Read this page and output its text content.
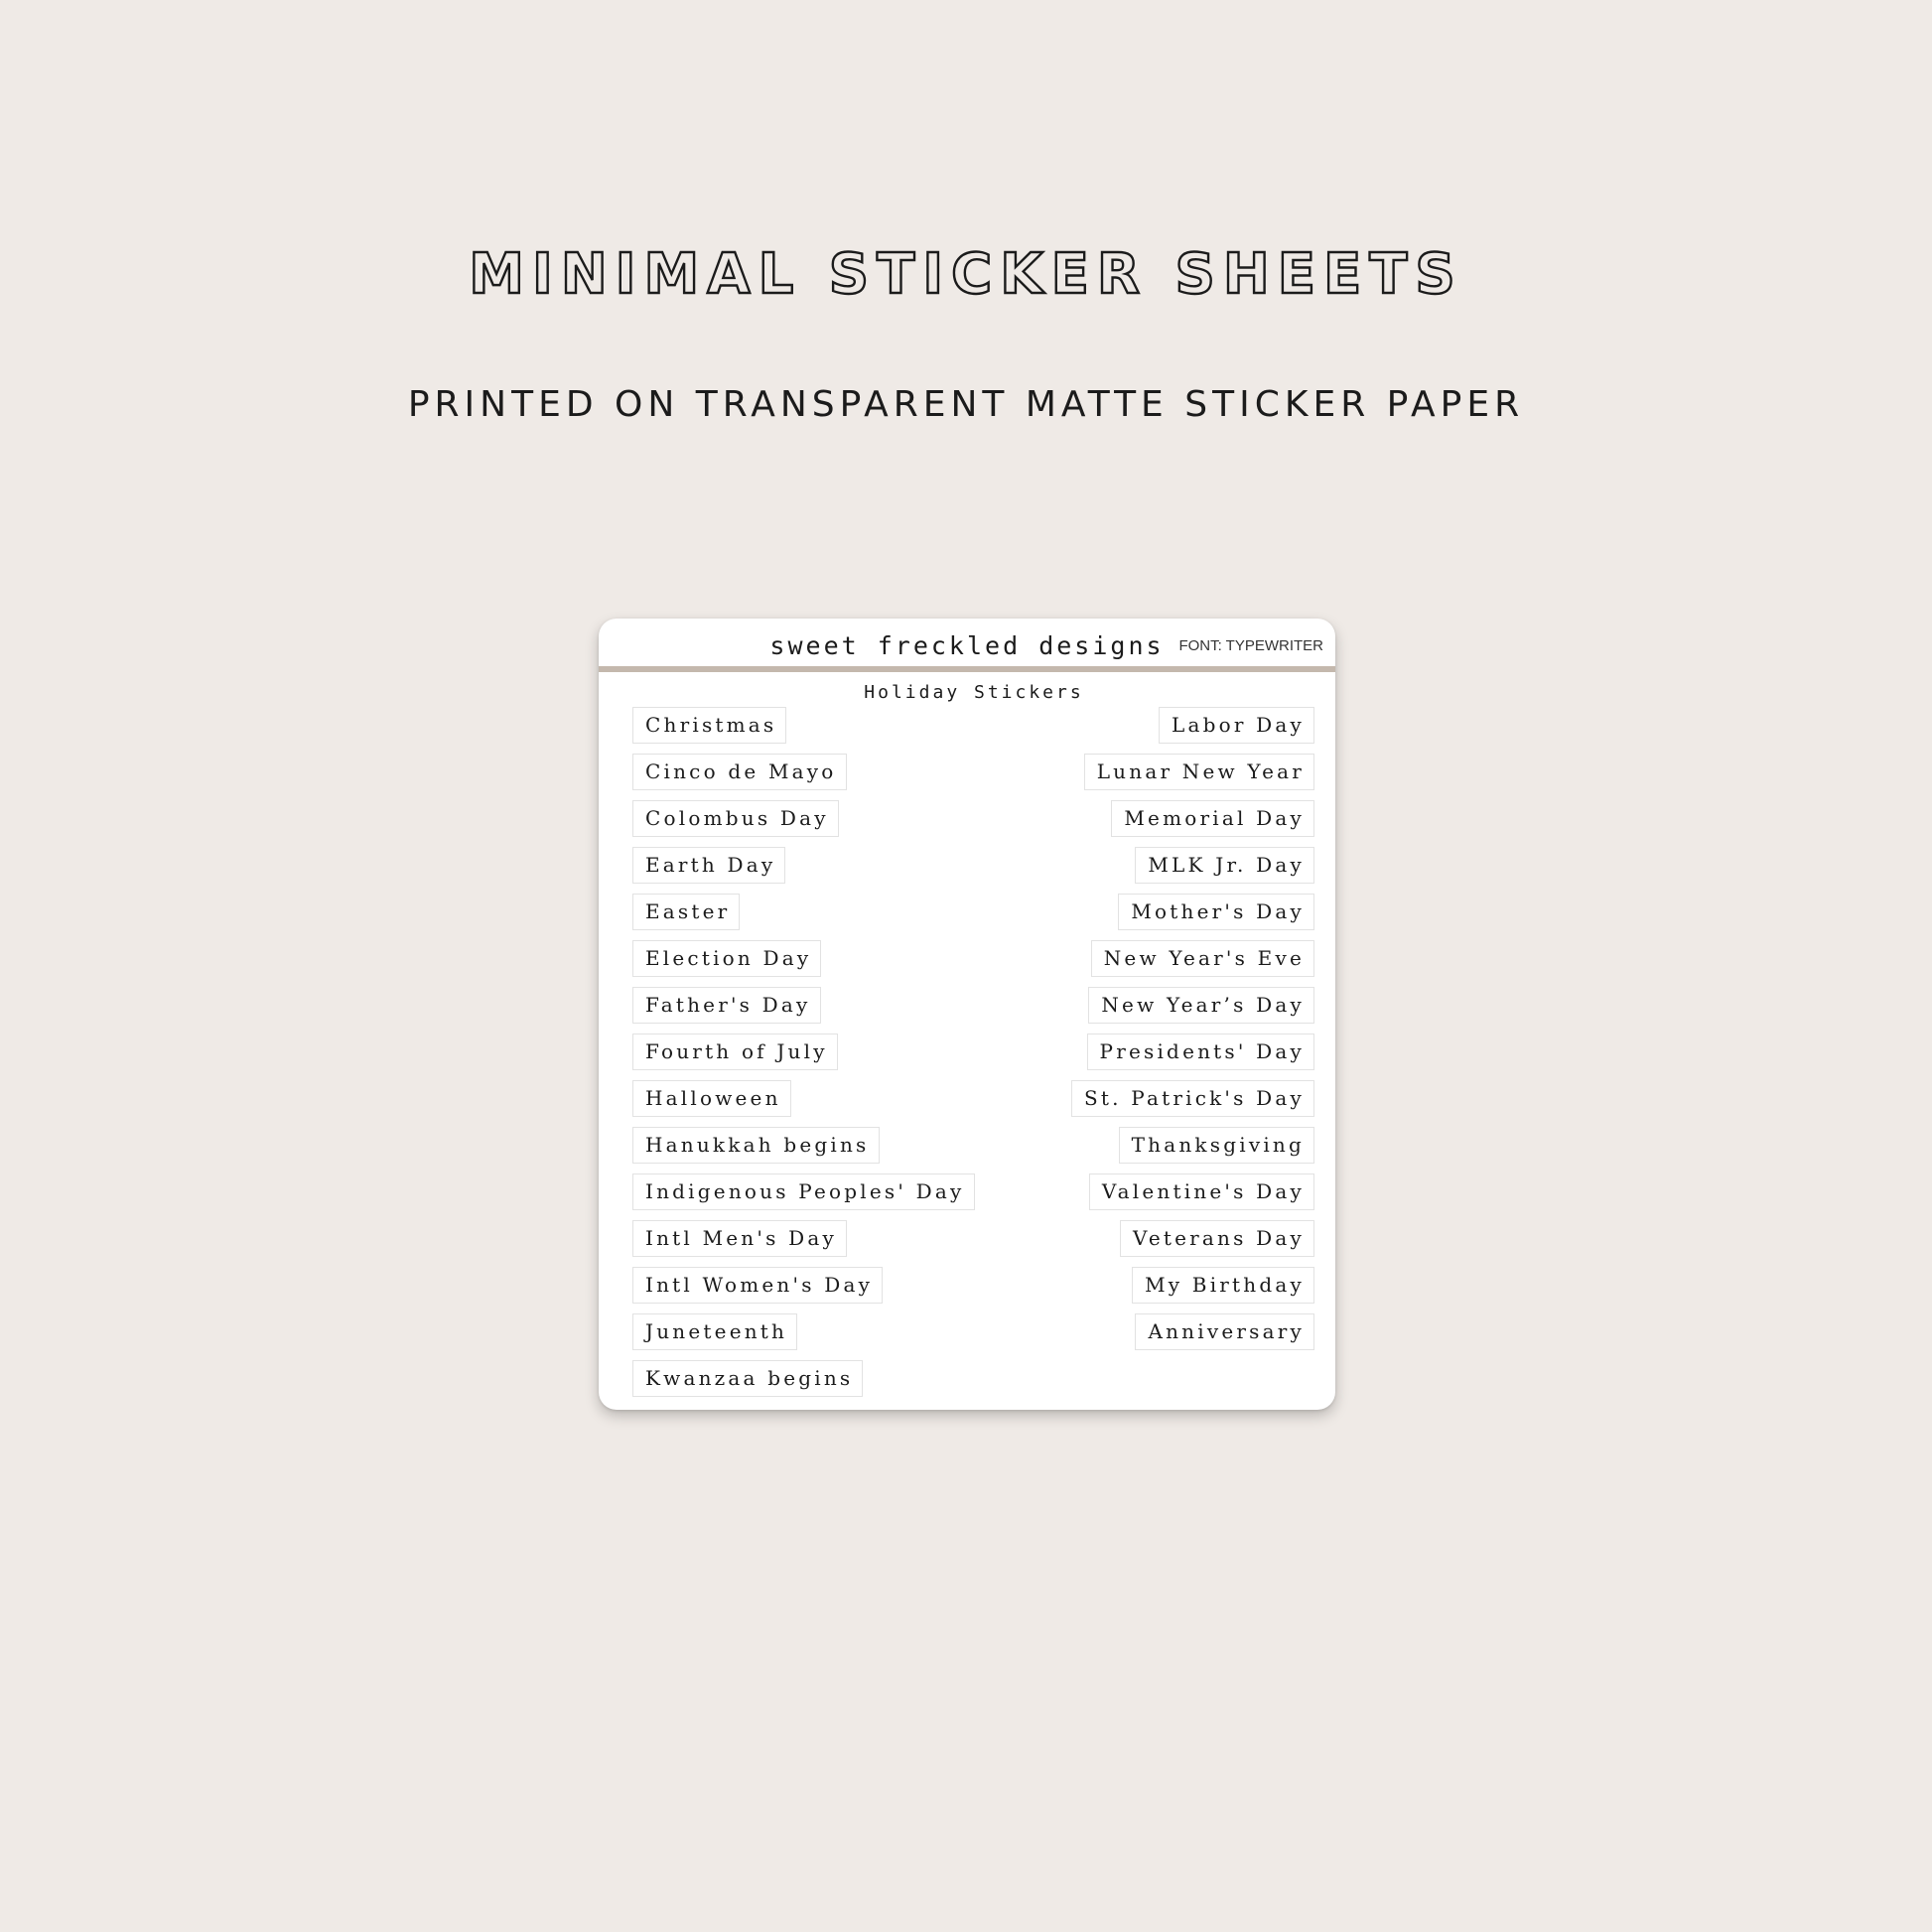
MINIMAL STICKER SHEETS

PRINTED ON TRANSPARENT MATTE STICKER PAPER

sweet freckled designs FONT: TYPEWRITER
Holiday Stickers
Christmas
Cinco de Mayo
Colombus Day
Earth Day
Easter
Election Day
Father's Day
Fourth of July
Halloween
Hanukkah begins
Indigenous Peoples' Day
Intl Men's Day
Intl Women's Day
Juneteenth
Kwanzaa begins
Labor Day
Lunar New Year
Memorial Day
MLK Jr. Day
Mother's Day
New Year's Eve
New Year’s Day
Presidents' Day
St. Patrick's Day
Thanksgiving
Valentine's Day
Veterans Day
My Birthday
Anniversary
